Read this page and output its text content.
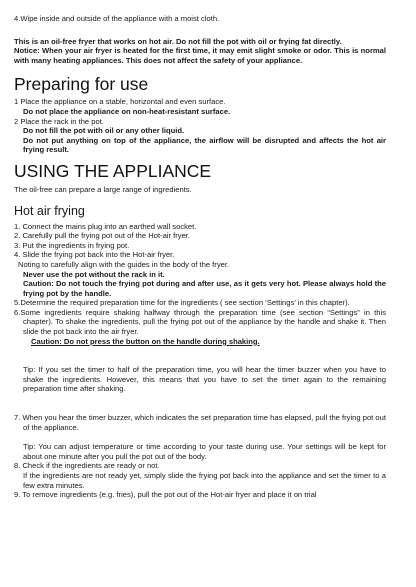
4.Wipe inside and outside of the appliance with a moist cloth.

This is an oil-free fryer that works on hot air. Do not fill the pot with oil or frying fat directly.

Notice: When your air fryer is heated for the first time, it may emit slight smoke or odor. This is normal with many heating appliances. This does not affect the safety of your appliance.

Preparing for use

1 Place the appliance on a stable, horizontal and even surface.

Do not place the appliance on non-heat-resistant surface.

2 Place the rack in the pot.

Do not fill the pot with oil or any other liquid.

Do not put anything on top of the appliance, the airflow will be disrupted and affects the hot air frying result.

USING THE APPLIANCE

The oil-free can prepare a large range of ingredients.

Hot air frying

1. Connect the mains plug into an earthed wall socket.

2. Carefully pull the frying pot out of the Hot-air fryer.

3. Put the ingredients in frying pot.

4. Slide the frying pot back into the Hot-air fryer.

Noting to carefully align with the guides in the body of the fryer.

Never use the pot without the rack in it.

Caution: Do not touch the frying pot during and after use, as it gets very hot. Please always hold the frying pot by the handle.

5.Determine the required preparation time for the ingredients ( see section ‘Settings’ in this chapter).

6.Some ingredients require shaking halfway through the preparation time (see section “Settings” in this chapter). To shake the ingredients, pull the frying pot out of the appliance by the handle and shake it. Then slide the pot back into the air fryer.

Caution: Do not press the button on the handle during shaking.

Tip: If you set the timer to half of the preparation time, you will hear the timer buzzer when you have to shake the ingredients. However, this means that you have to set the timer again to the remaining preparation time after shaking.

7. When you hear the timer buzzer, which indicates the set preparation time has elapsed, pull the frying pot out of the appliance.

Tip: You can adjust temperature or time according to your taste during use. Your settings will be kept for about one minute after you pull the pot out of the body.

8. Check if the ingredients are ready or not.

If the ingredients are not ready yet, simply slide the frying pot back into the appliance and set the timer to a few extra minutes.

9. To remove ingredients (e.g. fries), pull the pot out of the Hot-air fryer and place it on trial
